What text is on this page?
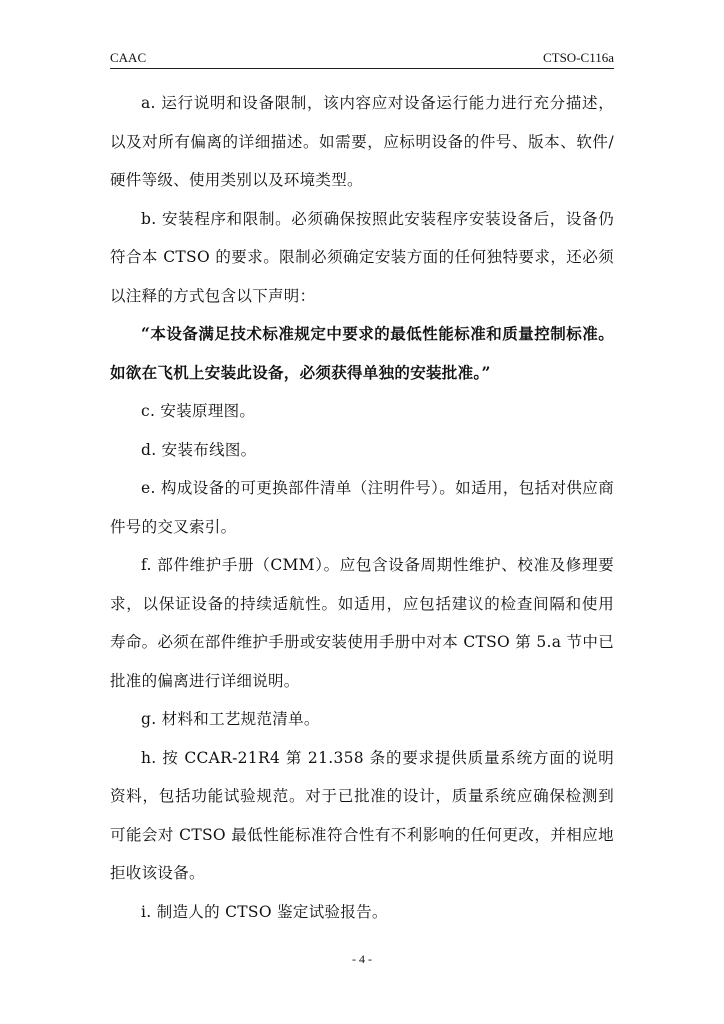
CAAC	CTSO-C116a

a. 运行说明和设备限制，该内容应对设备运行能力进行充分描述，以及对所有偏离的详细描述。如需要，应标明设备的件号、版本、软件/硬件等级、使用类别以及环境类型。

b. 安装程序和限制。必须确保按照此安装程序安装设备后，设备仍符合本 CTSO 的要求。限制必须确定安装方面的任何独特要求，还必须以注释的方式包含以下声明：

“本设备满足技术标准规定中要求的最低性能标准和质量控制标准。如欲在飞机上安装此设备，必须获得单独的安装批准。”

c. 安装原理图。

d. 安装布线图。

e. 构成设备的可更换部件清单（注明件号）。如适用，包括对供应商件号的交叉索引。

f. 部件维护手册（CMM）。应包含设备周期性维护、校准及修理要求，以保证设备的持续适航性。如适用，应包括建议的检查间隔和使用寿命。必须在部件维护手册或安装使用手册中对本 CTSO 第 5.a 节中已批准的偏离进行详细说明。

g. 材料和工艺规范清单。

h. 按 CCAR-21R4 第 21.358 条的要求提供质量系统方面的说明资料，包括功能试验规范。对于已批准的设计，质量系统应确保检测到可能会对 CTSO 最低性能标准符合性有不利影响的任何更改，并相应地拒收该设备。

i. 制造人的 CTSO 鉴定试验报告。

- 4 -
